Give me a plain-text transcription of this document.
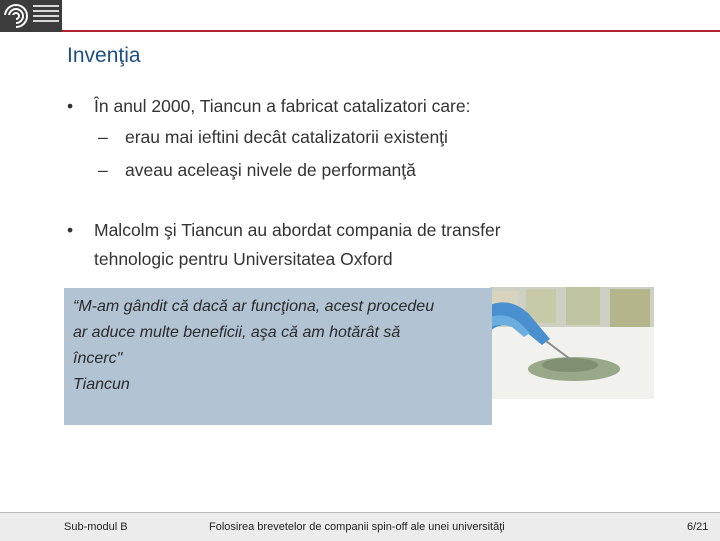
Invenţia
• În anul 2000, Tiancun a fabricat catalizatori care:
– erau mai ieftini decât catalizatorii existenţi
– aveau aceleaşi nivele de performanţă
• Malcolm şi Tiancun au abordat compania de transfer
tehnologic pentru Universitatea Oxford
“M-am gândit că dacă ar funcţiona, acest procedeu
ar aduce multe beneficii, aşa că am hotărât să
încerc"
Tiancun
Sub-modul B	Folosirea brevetelor de companii spin-off ale unei universităţi	6/21
